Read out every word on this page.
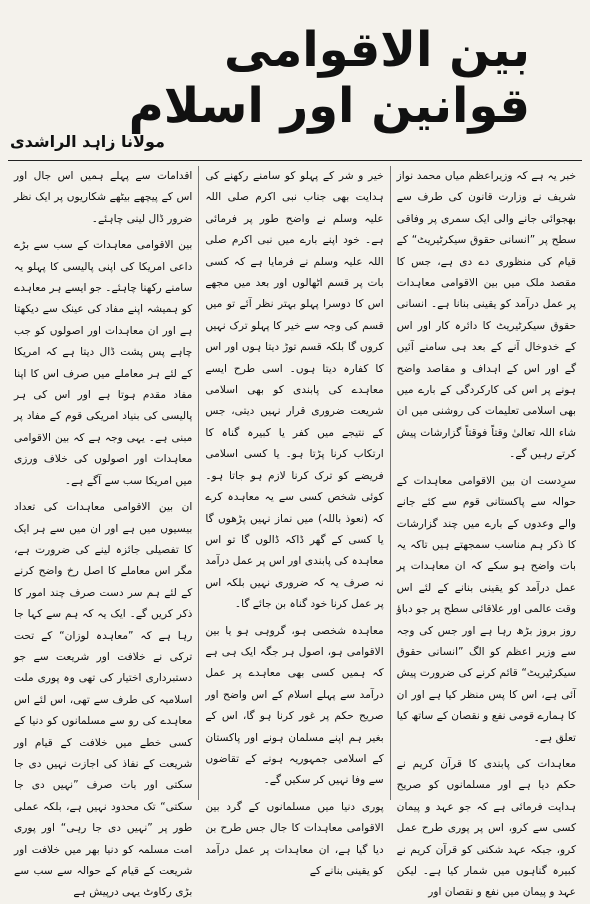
بین الاقوامی قوانین اور اسلام
مولانا زاہد الراشدی

خبر یہ ہے کہ وزیراعظم میاں محمد نواز شریف نے وزارت قانون کی طرف سے بھجوائی جانے والی ایک سمری پر وفاقی سطح پر ”انسانی حقوق سیکرٹیریٹ“ کے قیام کی منظوری دے دی ہے، جس کا مقصد ملک میں بین الاقوامی معاہدات پر عمل درآمد کو یقینی بنانا ہے۔ انسانی حقوق سیکرٹیریٹ کا دائرہ کار اور اس کے خدوخال آنے کے بعد ہی سامنے آئیں گے اور اس کے اہداف و مقاصد واضح ہونے پر اس کی کارکردگی کے بارے میں بھی اسلامی تعلیمات کی روشنی میں ان شاء اللہ تعالیٰ وقتاً فوقتاً گزارشات پیش کرتے رہیں گے۔

سرِدست ان بین الاقوامی معاہدات کے حوالہ سے پاکستانی قوم سے کئے جانے والے وعدوں کے بارے میں چند گزارشات کا ذکر ہم مناسب سمجھتے ہیں تاکہ یہ بات واضح ہو سکے کہ ان معاہدات پر عمل درآمد کو یقینی بنانے کے لئے اس وقت عالمی اور علاقائی سطح پر جو دباؤ روز بروز بڑھ رہا ہے اور جس کی وجہ سے وزیر اعظم کو الگ ”انسانی حقوق سیکرٹیریٹ“ قائم کرنے کی ضرورت پیش آئی ہے، اس کا پس منظر کیا ہے اور ان کا ہمارے قومی نفع و نقصان کے ساتھ کیا تعلق ہے۔

معاہدات کی پابندی کا قرآن کریم نے حکم دیا ہے اور مسلمانوں کو صریح ہدایت فرمائی ہے کہ جو عہد و پیمان کسی سے کرو، اس پر پوری طرح عمل کرو، جبکہ عہد شکنی کو قرآن کریم نے کبیرہ گناہوں میں شمار کیا ہے۔ لیکن عہد و پیمان میں نفع و نقصان اور

خیر و شر کے پہلو کو سامنے رکھنے کی ہدایت بھی جناب نبی اکرم صلی اللہ علیہ وسلم نے واضح طور پر فرمائی ہے۔ خود اپنے بارے میں نبی اکرم صلی اللہ علیہ وسلم نے فرمایا ہے کہ کسی بات پر قسم اٹھالوں اور بعد میں مجھے اس کا دوسرا پہلو بہتر نظر آئے تو میں قسم کی وجہ سے خیر کا پہلو ترک نہیں کروں گا بلکہ قسم توڑ دیتا ہوں اور اس کا کفارہ دیتا ہوں۔ اسی طرح ایسے معاہدے کی پابندی کو بھی اسلامی شریعت ضروری قرار نہیں دیتی، جس کے نتیجے میں کفر یا کبیرہ گناہ کا ارتکاب کرنا پڑتا ہو۔ یا کسی اسلامی فریضے کو ترک کرنا لازم ہو جاتا ہو۔ کوئی شخص کسی سے یہ معاہدہ کرے کہ (نعوذ باللہ) میں نماز نہیں پڑھوں گا یا کسی کے گھر ڈاکہ ڈالوں گا تو اس معاہدہ کی پابندی اور اس پر عمل درآمد نہ صرف یہ کہ ضروری نہیں بلکہ اس پر عمل کرنا خود گناہ بن جائے گا۔

معاہدہ شخصی ہو، گروہی ہو یا بین الاقوامی ہو، اصول ہر جگہ ایک ہی ہے کہ ہمیں کسی بھی معاہدے پر عمل درآمد سے پہلے اسلام کے اس واضح اور صریح حکم پر غور کرنا ہو گا، اس کے بغیر ہم اپنے مسلمان ہونے اور پاکستان کے اسلامی جمہوریہ ہونے کے تقاضوں سے وفا نہیں کر سکیں گے۔

پوری دنیا میں مسلمانوں کے گرد بین الاقوامی معاہدات کا جال جس طرح بن دیا گیا ہے، ان معاہدات پر عمل درآمد کو یقینی بنانے کے

اقدامات سے پہلے ہمیں اس جال اور اس کے پیچھے بیٹھے شکاریوں پر ایک نظر ضرور ڈال لینی چاہئے۔

بین الاقوامی معاہدات کے سب سے بڑے داعی امریکا کی اپنی پالیسی کا پہلو یہ سامنے رکھنا چاہئے۔ جو ایسے ہر معاہدے کو ہمیشہ اپنے مفاد کی عینک سے دیکھتا ہے اور ان معاہدات اور اصولوں کو جب چاہے پس پشت ڈال دیتا ہے کہ امریکا کے لئے ہر معاملے میں صرف اس کا اپنا مفاد مقدم ہوتا ہے اور اس کی ہر پالیسی کی بنیاد امریکی قوم کے مفاد پر مبنی ہے۔ یہی وجہ ہے کہ بین الاقوامی معاہدات اور اصولوں کی خلاف ورزی میں امریکا سب سے آگے ہے۔

ان بین الاقوامی معاہدات کی تعداد بیسیوں میں ہے اور ان میں سے ہر ایک کا تفصیلی جائزہ لینے کی ضرورت ہے، مگر اس معاملے کا اصل رخ واضح کرنے کے لئے ہم سر دست صرف چند امور کا ذکر کریں گے۔ ایک یہ کہ ہم سے کہا جا رہا ہے کہ ”معاہدہ لوزان“ کے تحت ترکی نے خلافت اور شریعت سے جو دستبرداری اختیار کی تھی وہ پوری ملت اسلامیہ کی طرف سے تھی، اس لئے اس معاہدے کی رو سے مسلمانوں کو دنیا کے کسی خطے میں خلافت کے قیام اور شریعت کے نفاذ کی اجازت نہیں دی جا سکتی اور بات صرف ”نہیں دی جا سکتی“ تک محدود نہیں ہے، بلکہ عملی طور پر ”نہیں دی جا رہی“ اور پوری امت مسلمہ کو دنیا بھر میں خلافت اور شریعت کے قیام کے حوالہ سے سب سے بڑی رکاوٹ یہی درپیش ہے
